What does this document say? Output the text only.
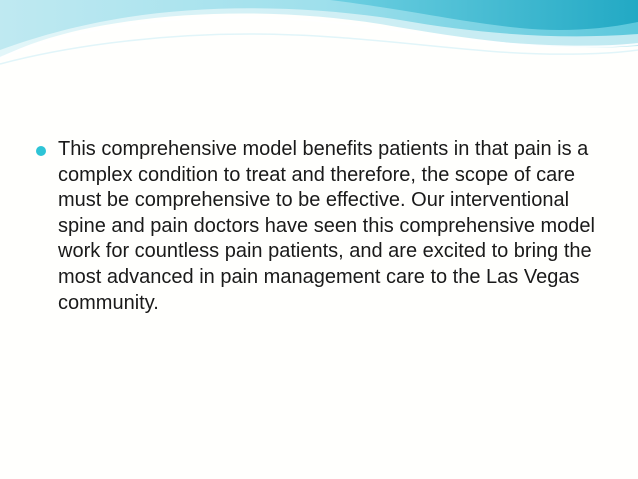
This comprehensive model benefits patients in that pain is a complex condition to treat and therefore, the scope of care must be comprehensive to be effective. Our interventional spine and pain doctors have seen this comprehensive model work for countless pain patients, and are excited to bring the most advanced in pain management care to the Las Vegas community.
